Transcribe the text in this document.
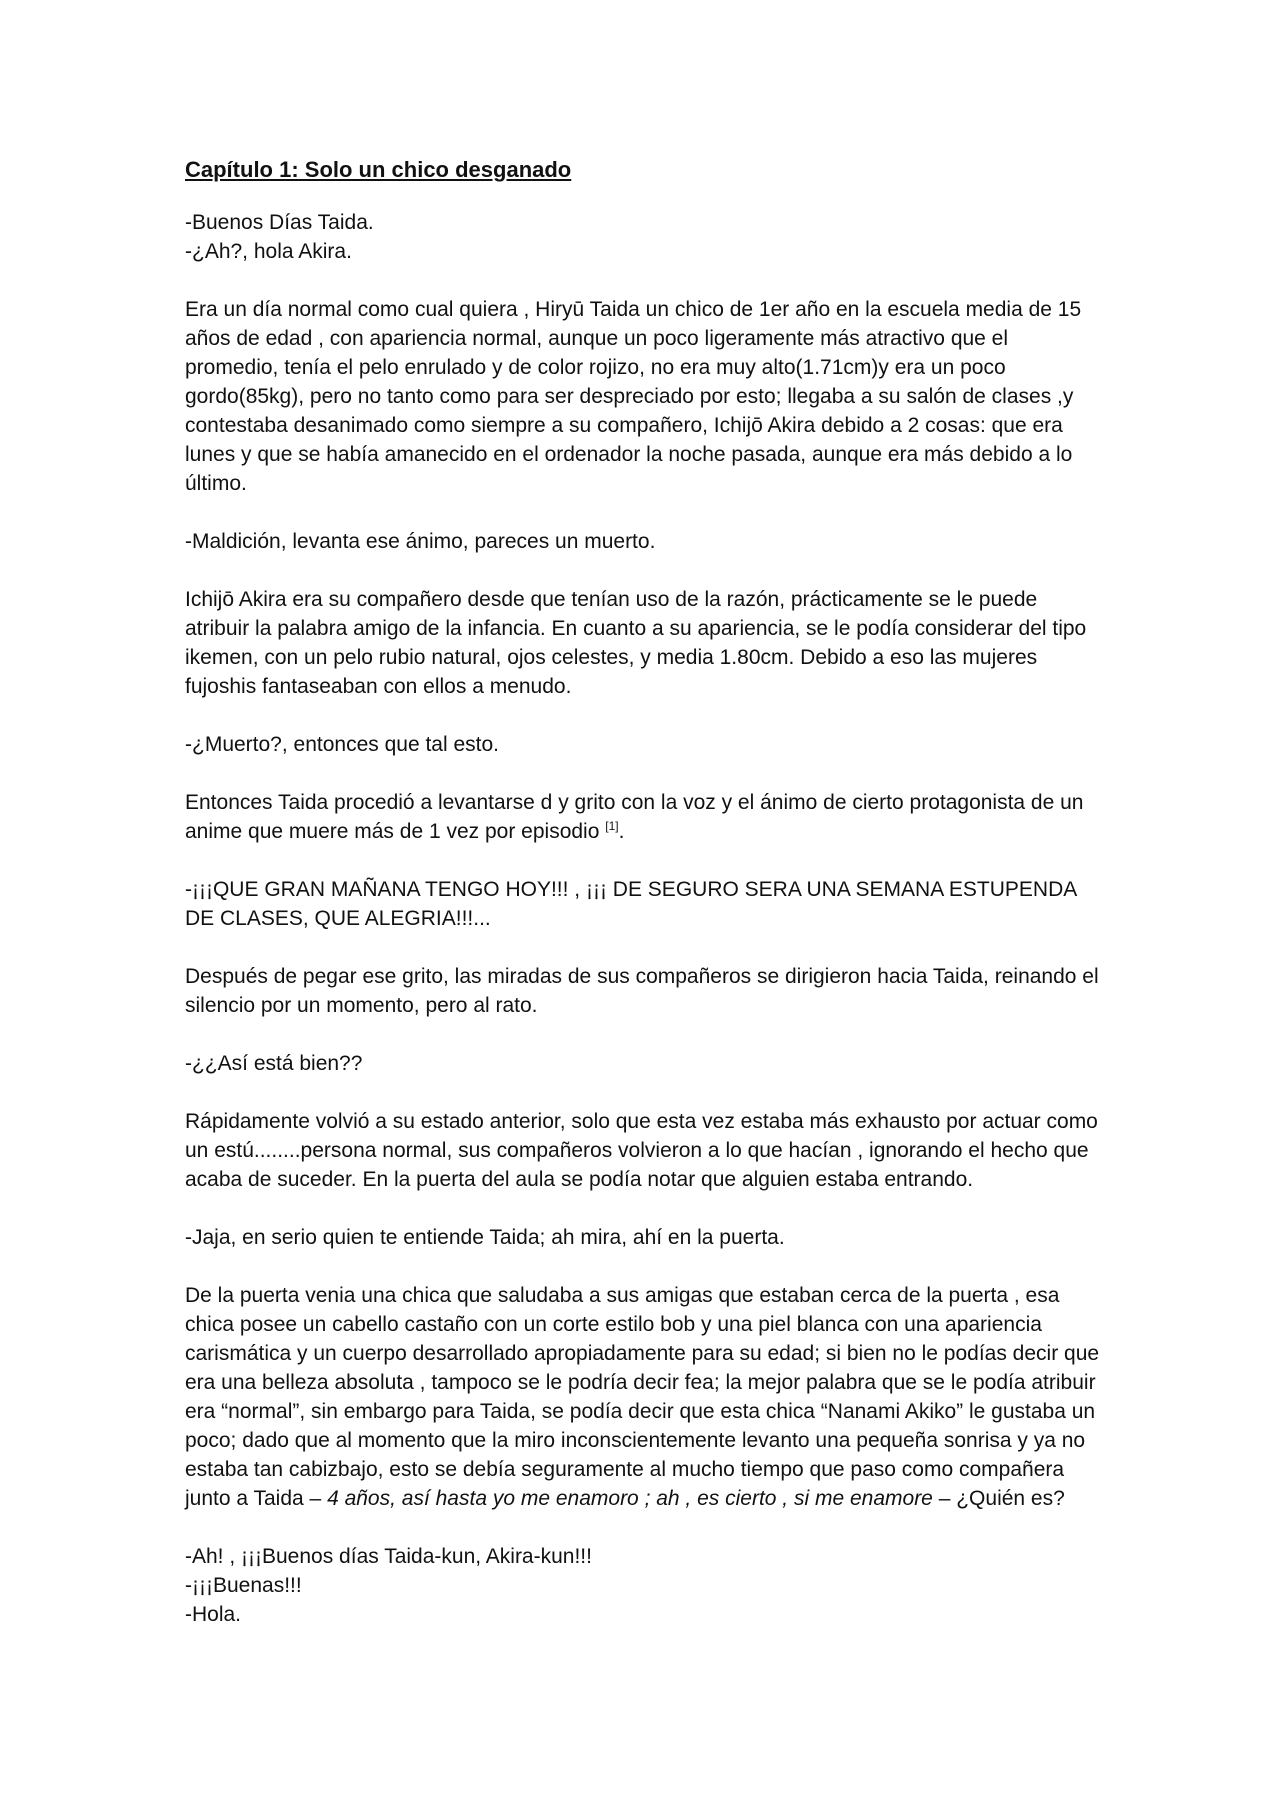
Capítulo 1: Solo un chico desganado
-Buenos Días Taida.
-¿Ah?, hola Akira.
Era un día normal como cual quiera , Hiryū Taida un chico de 1er año en la escuela media de 15 años de edad , con apariencia normal, aunque un poco ligeramente más atractivo que el promedio, tenía el pelo enrulado y de color rojizo, no era muy alto(1.71cm)y era un poco gordo(85kg), pero no tanto como para ser despreciado por esto; llegaba a su salón de clases ,y contestaba desanimado como siempre a su compañero, Ichijō Akira debido a 2 cosas: que era lunes y que se había amanecido en el ordenador la noche pasada, aunque era más debido a lo último.
-Maldición, levanta ese ánimo, pareces un muerto.
Ichijō Akira era su compañero desde que tenían uso de la razón, prácticamente se le puede atribuir la palabra amigo de la infancia. En cuanto a su apariencia, se le podía considerar del tipo ikemen, con un pelo rubio natural, ojos celestes, y media 1.80cm. Debido a eso las mujeres fujoshis fantaseaban con ellos a menudo.
-¿Muerto?, entonces que tal esto.
Entonces Taida procedió a levantarse d y grito con la voz y el ánimo de cierto protagonista de un anime que muere más de 1 vez por episodio [1].
-¡¡¡QUE GRAN MAÑANA TENGO HOY!!! , ¡¡¡ DE SEGURO SERA UNA SEMANA ESTUPENDA DE CLASES, QUE ALEGRIA!!!...
Después de pegar ese grito, las miradas de sus compañeros se dirigieron hacia Taida, reinando el silencio por un momento, pero al rato.
-¿¿Así está bien??
Rápidamente volvió a su estado anterior, solo que esta vez estaba más exhausto por actuar como un estú........persona normal, sus compañeros volvieron a lo que hacían , ignorando el hecho que acaba de suceder. En la puerta del aula se podía notar que alguien estaba entrando.
-Jaja, en serio quien te entiende Taida; ah mira, ahí en la puerta.
De la puerta venia una chica que saludaba a sus amigas que estaban cerca de la puerta , esa chica posee un cabello castaño con un corte estilo bob y una piel blanca con una apariencia carismática y un cuerpo desarrollado apropiadamente para su edad; si bien no le podías decir que era una belleza absoluta , tampoco se le podría decir fea; la mejor palabra que se le podía atribuir era “normal”, sin embargo para Taida, se podía decir que esta chica “Nanami Akiko” le gustaba un poco; dado que al momento que la miro inconscientemente levanto una pequeña sonrisa y ya no estaba tan cabizbajo, esto se debía seguramente al mucho tiempo que paso como compañera junto a Taida – 4 años, así hasta yo me enamoro ; ah , es cierto , si me enamore – ¿Quién es?
-Ah! , ¡¡¡Buenos días Taida-kun, Akira-kun!!!
-¡¡¡Buenas!!!
-Hola.
